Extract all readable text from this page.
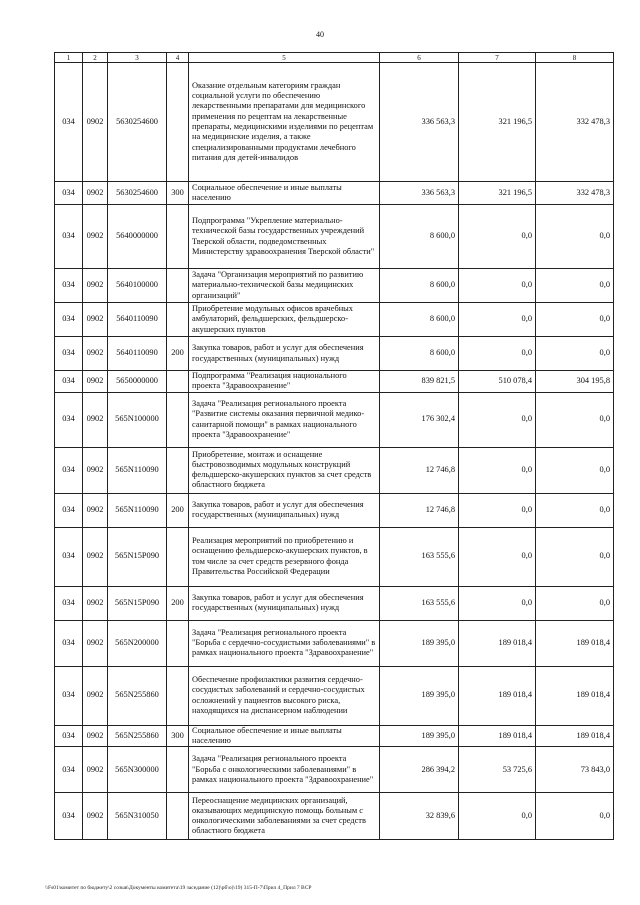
40
1	2	3	4	5	6	7	8
034	0902	5630254600		Оказание отдельным категориям граждан социальной услуги по обеспечению лекарственными препаратами для медицинского применения по рецептам на лекарственные препараты, медицинскими изделиями по рецептам на медицинские изделия, а также специализированными продуктами лечебного питания для детей-инвалидов	336 563,3	321 196,5	332 478,3
034	0902	5630254600	300	Социальное обеспечение и иные выплаты населению	336 563,3	321 196,5	332 478,3
034	0902	5640000000		Подпрограмма "Укрепление материально-технической базы государственных учреждений Тверской области, подведомственных Министерству здравоохранения Тверской области"	8 600,0	0,0	0,0
034	0902	5640100000		Задача "Организация мероприятий по развитию материально-технической базы медицинских организаций"	8 600,0	0,0	0,0
034	0902	5640110090		Приобретение модульных офисов врачебных амбулаторий, фельдшерских, фельдшерско-акушерских пунктов	8 600,0	0,0	0,0
034	0902	5640110090	200	Закупка товаров, работ и услуг для обеспечения государственных (муниципальных) нужд	8 600,0	0,0	0,0
034	0902	5650000000		Подпрограмма "Реализация национального проекта "Здравоохранение"	839 821,5	510 078,4	304 195,8
034	0902	565N100000		Задача "Реализация регионального проекта "Развитие системы оказания первичной медико-санитарной помощи" в рамках национального проекта "Здравоохранение"	176 302,4	0,0	0,0
034	0902	565N110090		Приобретение, монтаж и оснащение быстровозводимых модульных конструкций фельдшерско-акушерских пунктов за счет средств областного бюджета	12 746,8	0,0	0,0
034	0902	565N110090	200	Закупка товаров, работ и услуг для обеспечения государственных (муниципальных) нужд	12 746,8	0,0	0,0
034	0902	565N15P090		Реализация мероприятий по приобретению и оснащению фельдшерско-акушерских пунктов, в том числе за счет средств резервного фонда Правительства Российской Федерации	163 555,6	0,0	0,0
034	0902	565N15P090	200	Закупка товаров, работ и услуг для обеспечения государственных (муниципальных) нужд	163 555,6	0,0	0,0
034	0902	565N200000		Задача "Реализация регионального проекта "Борьба с сердечно-сосудистыми заболеваниями" в рамках национального проекта "Здравоохранение"	189 395,0	189 018,4	189 018,4
034	0902	565N255860		Обеспечение профилактики развития сердечно-сосудистых заболеваний и сердечно-сосудистых осложнений у пациентов высокого риска, находящихся на диспансерном наблюдении	189 395,0	189 018,4	189 018,4
034	0902	565N255860	300	Социальное обеспечение и иные выплаты населению	189 395,0	189 018,4	189 018,4
034	0902	565N300000		Задача "Реализация регионального проекта "Борьба с онкологическими заболеваниями" в рамках национального проекта "Здравоохранение"	286 394,2	53 725,6	73 843,0
034	0902	565N310050		Переоснащение медицинских организаций, оказывающих медицинскую помощь больным с онкологическими заболеваниями за счет средств областного бюджета	32 839,6	0,0	0,0
\\Fs01\комитет по бюджету\2 созыв\Документы комитета\19 заседание (12)\рб\о)\19) 315-П-7\Прил 4_Прил 7 ВСР
